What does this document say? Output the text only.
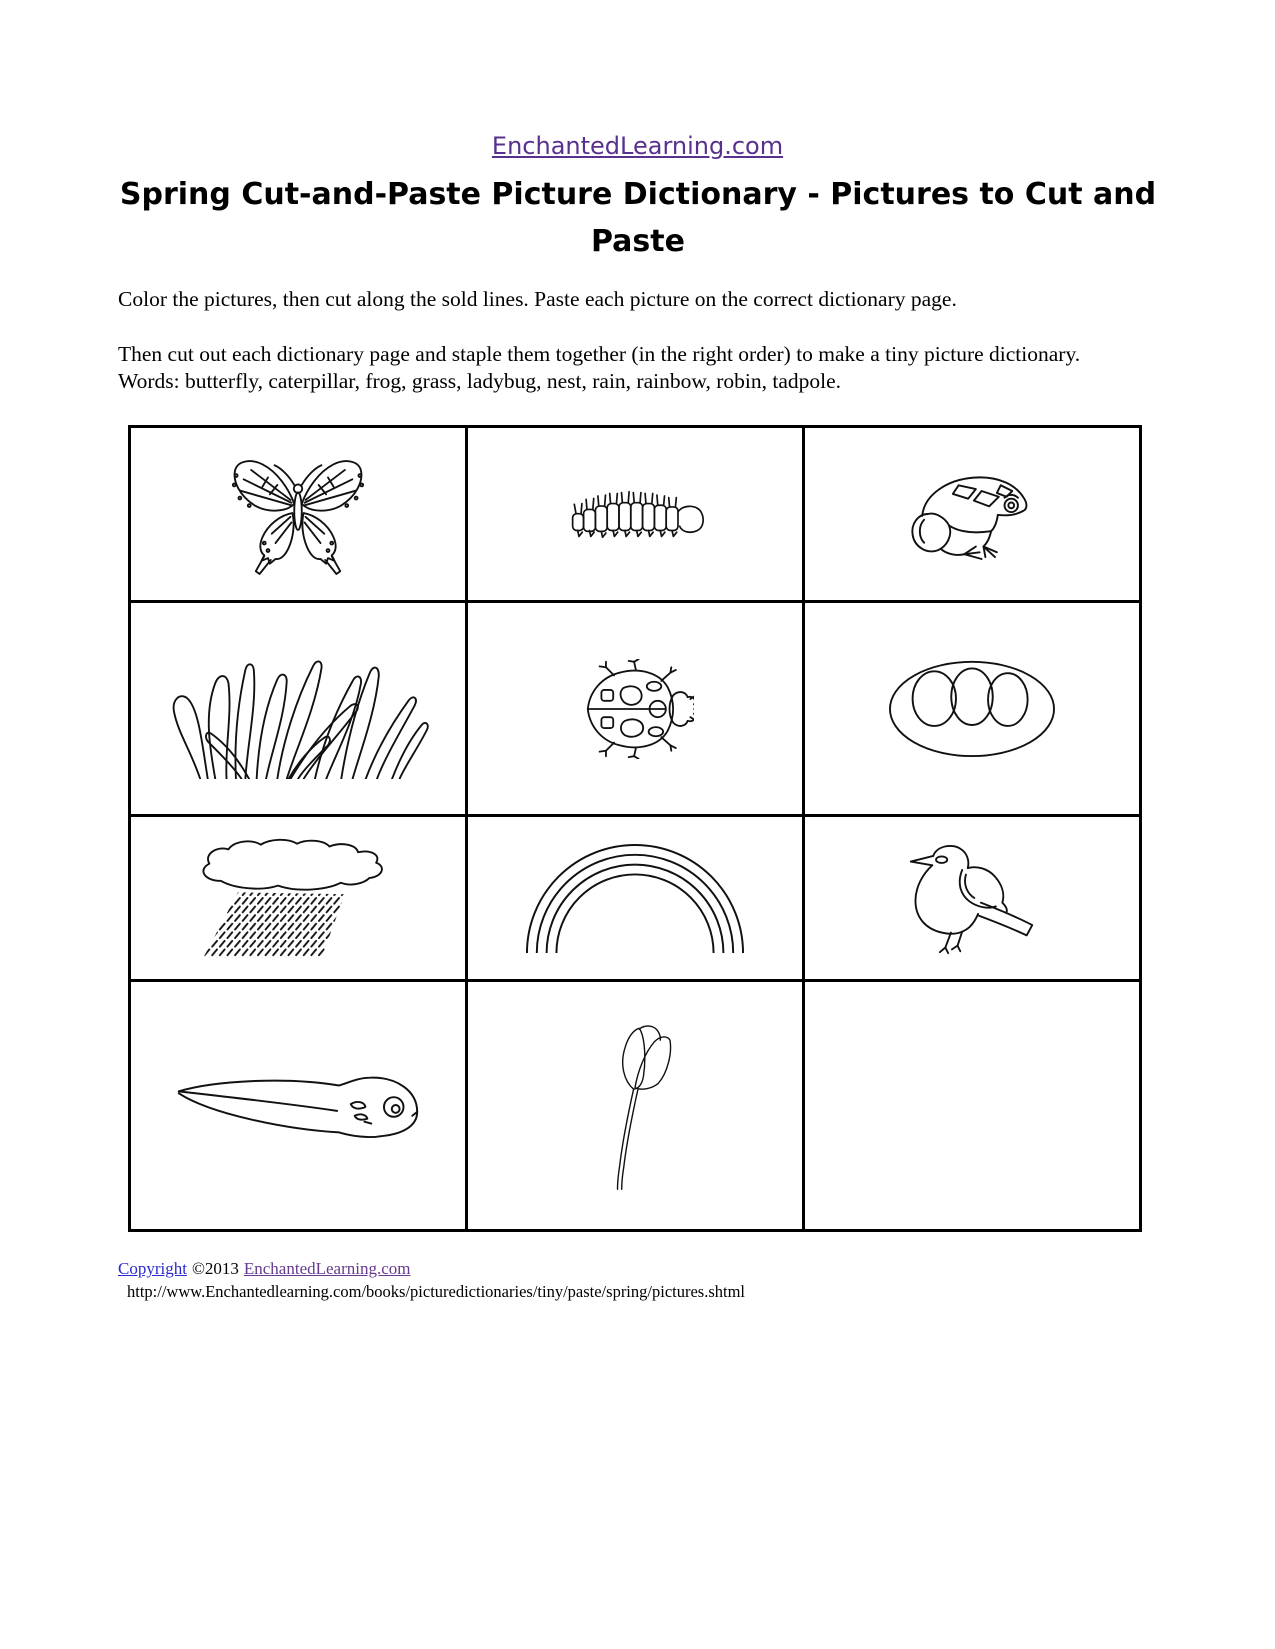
EnchantedLearning.com
Spring Cut-and-Paste Picture Dictionary - Pictures to Cut and
Paste

Color the pictures, then cut along the sold lines. Paste each picture on the correct dictionary page.

Then cut out each dictionary page and staple them together (in the right order) to make a tiny picture dictionary. Words: butterfly, caterpillar, frog, grass, ladybug, nest, rain, rainbow, robin, tadpole.

Copyright ©2013 EnchantedLearning.com
http://www.Enchantedlearning.com/books/picturedictionaries/tiny/paste/spring/pictures.shtml
